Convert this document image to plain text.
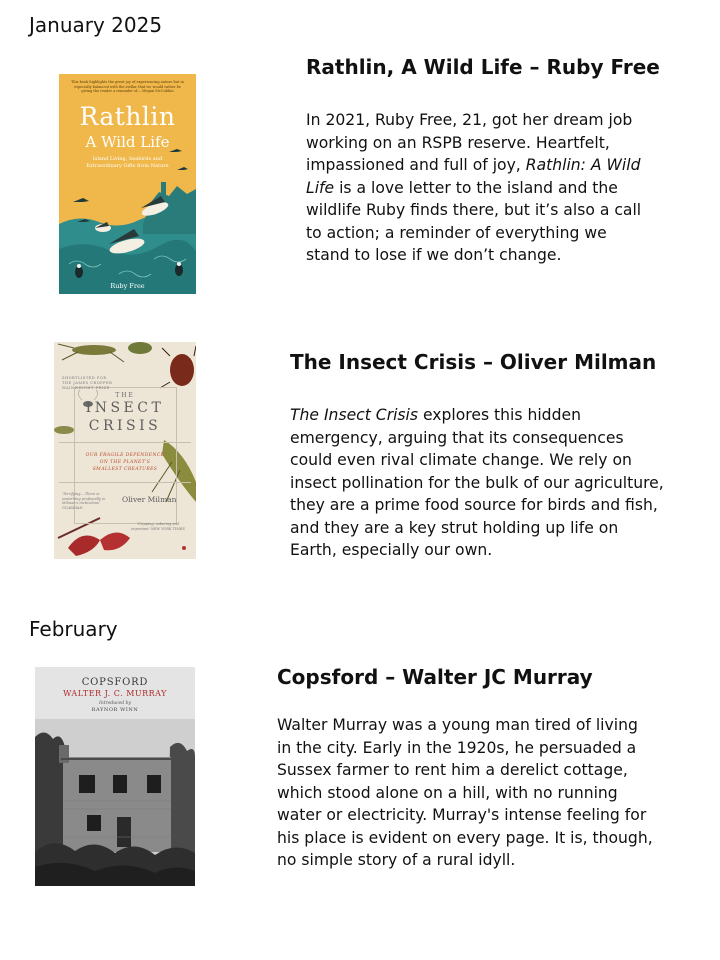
January 2025
This book highlights the great joy of experiencing nature but in especially balanced with the stellar that we would rather be giving the reader a reminder of— Megan McCubbin
Rathlin
A Wild Life
Island Living, Seabirds and Extraordinary Gifts from Nature
Ruby Free
Rathlin, A Wild Life – Ruby Free

In 2021, Ruby Free, 21, got her dream job working on an RSPB reserve. Heartfelt, impassioned and full of joy, Rathlin: A Wild Life is a love letter to the island and the wildlife Ruby finds there, but it’s also a call to action; a reminder of everything we stand to lose if we don’t change.

SHORTLISTED FOR THE JAMES CROPPER WAINWRIGHT PRIZE
THE
INSECT
CRISIS
OUR FRAGILE DEPENDENCE
ON THE PLANET'S
SMALLEST CREATURES
'Terrifying... There is something profoundly in Milman's meticulous' GUARDIAN
Oliver Milman
'Gripping, sobering and important' NEW YORK TIMES
The Insect Crisis – Oliver Milman

The Insect Crisis explores this hidden emergency, arguing that its consequences could even rival climate change. We rely on insect pollination for the bulk of our agriculture, they are a prime food source for birds and fish, and they are a key strut holding up life on Earth, especially our own.

February
COPSFORD
WALTER J. C. MURRAY
Introduced by
RAYNOR WINN
Copsford – Walter JC Murray

Walter Murray was a young man tired of living in the city. Early in the 1920s, he persuaded a Sussex farmer to rent him a derelict cottage, which stood alone on a hill, with no running water or electricity. Murray's intense feeling for his place is evident on every page. It is, though, no simple story of a rural idyll.
